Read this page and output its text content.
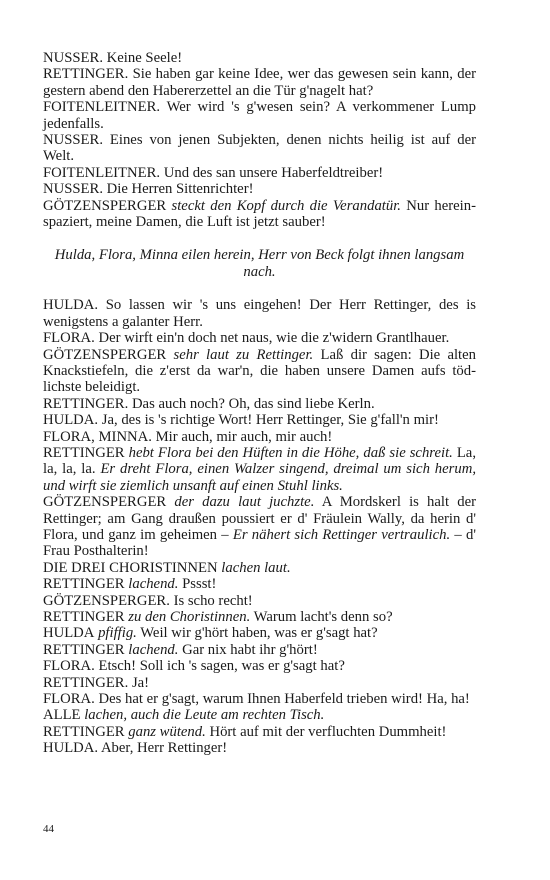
NUSSER. Keine Seele!

RETTINGER. Sie haben gar keine Idee, wer das gewesen sein kann, der gestern abend den Habererzettel an die Tür g'nagelt hat?

FOITENLEITNER. Wer wird 's g'wesen sein? A verkommener Lump jedenfalls.

NUSSER. Eines von jenen Subjekten, denen nichts heilig ist auf der Welt.

FOITENLEITNER. Und des san unsere Haberfeldtreiber!

NUSSER. Die Herren Sittenrichter!

GÖTZENSPERGER steckt den Kopf durch die Verandatür. Nur herein-spaziert, meine Damen, die Luft ist jetzt sauber!

Hulda, Flora, Minna eilen herein, Herr von Beck folgt ihnen langsam nach.

HULDA. So lassen wir 's uns eingehen! Der Herr Rettinger, des is wenigstens a galanter Herr.

FLORA. Der wirft ein'n doch net naus, wie die z'widern Grantlhauer.

GÖTZENSPERGER sehr laut zu Rettinger. Laß dir sagen: Die alten Knackstiefeln, die z'erst da war'n, die haben unsere Damen aufs töd-lichste beleidigt.

RETTINGER. Das auch noch? Oh, das sind liebe Kerln.

HULDA. Ja, des is 's richtige Wort! Herr Rettinger, Sie g'fall'n mir!

FLORA, MINNA. Mir auch, mir auch, mir auch!

RETTINGER hebt Flora bei den Hüften in die Höhe, daß sie schreit. La, la, la, la. Er dreht Flora, einen Walzer singend, dreimal um sich herum, und wirft sie ziemlich unsanft auf einen Stuhl links.

GÖTZENSPERGER der dazu laut juchzte. A Mordskerl is halt der Rettinger; am Gang draußen poussiert er d' Fräulein Wally, da herin d' Flora, und ganz im geheimen – Er nähert sich Rettinger vertraulich. – d' Frau Posthalterin!

DIE DREI CHORISTINNEN lachen laut.

RETTINGER lachend. Pssst!

GÖTZENSPERGER. Is scho recht!

RETTINGER zu den Choristinnen. Warum lacht's denn so?

HULDA pfiffig. Weil wir g'hört haben, was er g'sagt hat?

RETTINGER lachend. Gar nix habt ihr g'hört!

FLORA. Etsch! Soll ich 's sagen, was er g'sagt hat?

RETTINGER. Ja!

FLORA. Des hat er g'sagt, warum Ihnen Haberfeld trieben wird! Ha, ha!

ALLE lachen, auch die Leute am rechten Tisch.

RETTINGER ganz wütend. Hört auf mit der verfluchten Dummheit!

HULDA. Aber, Herr Rettinger!

44
